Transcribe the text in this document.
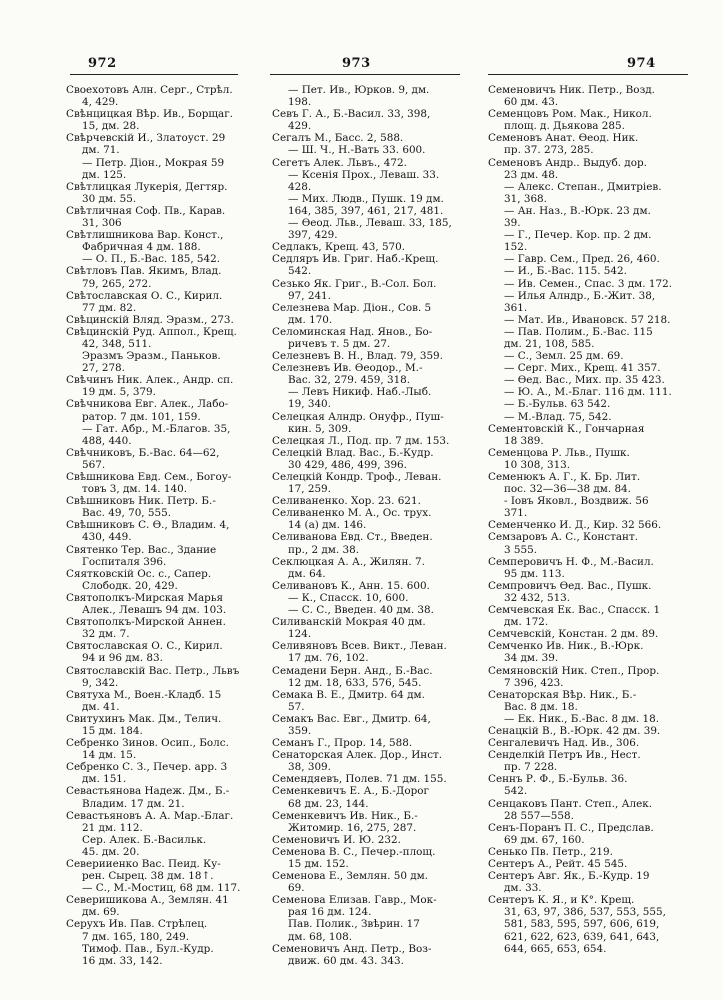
972	973	974
Своехотовъ Алн. Серг., Стрѣл.
4, 429.
Свѣнцицкая Вѣр. Ив., Борщаг.
15, дм. 28.
Свѣрчевскій И., Златоуст. 29
дм. 71.
— Петр. Діон., Мокрая 59
дм. 125.
Свѣтлицкая Лукерія, Дегтяр.
30 дм. 55.
Свѣтличная Соф. Пв., Карав.
31, 306
Свѣтлишникова Вар. Конст.,
Фабричная 4 дм. 188.
— О. П., Б.-Вас. 185, 542.
Свѣтловъ Пав. Якимъ, Влад.
79, 265, 272.
Свѣтославская О. С., Кирил.
77 дм. 82.
Свѣцинскій Вляд. Эразм., 273.
Свѣцинскій Руд. Аппол., Крещ.
42, 348, 511.
Эразмъ Эразм., Паньков.
27, 278.
Свѣчинъ Ник. Алек., Андр. сп.
19 дм. 5, 379.
Свѣчникова Евг. Алек., Лабо-
ратор. 7 дм. 101, 159.
— Гат. Абр., М.-Благов. 35,
488, 440.
Свѣчниковъ, Б.-Вас. 64—62,
567.
Свѣшникова Евд. Сем., Богоу-
товъ 3, дм. 14. 140.
Свѣшниковъ Ник. Петр. Б.-
Вас. 49, 70, 555.
Свѣшниковъ С. Ѳ., Владим. 4,
430, 449.
Святенко Тер. Вас., Здание
Госпиталя 396.
Сяятковскій Ос. с., Сапер.
Слободк. 20, 429.
Святополкъ-Мирская Марья
Алек., Левашъ 94 дм. 103.
Святополкъ-Мирской Аннен.
32 дм. 7.
Святославская О. С., Кирил.
94 и 96 дм. 83.
Святославскій Вас. Петр., Львъ
9, 342.
Святуха М., Воен.-Кладб. 15
дм. 41.
Свитухинъ Мак. Дм., Телич.
15 дм. 184.
Себренко Зинов. Осип., Болс.
14 дм. 15.
Себренко С. З., Печер. арр. 3
дм. 151.
Севастьянова Надеж. Дм., Б.-
Владим. 17 дм. 21.
Севастьяновъ А. А. Мар.-Благ.
21 дм. 112.
Сер. Алек. Б.-Васильк.
45. дм. 20.
Северииенко Вас. Пеид. Ку-
рен. Сырец. 38 дм. 18↑.
— С., М.-Мостиц, 68 дм. 117.
Северишикова А., Землян. 41
дм. 69.
Серухъ Ив. Пав. Стрѣлец.
7 дм. 165, 180, 249.
Тимоф. Пав., Бул.-Кудр.
16 дм. 33, 142.
— Пет. Ив., Юрков. 9, дм.
198.
Севъ Г. А., Б.-Васил. 33, 398,
429.
Сегалъ М., Басс. 2, 588.
— Ш. Ч., Н.-Вать 33. 600.
Сегетъ Алек. Львъ., 472.
— Ксенія Прох., Леваш. 33.
428.
— Мих. Людв., Пушк. 19 дм.
164, 385, 397, 461, 217, 481.
— Ѳеод. Льв., Леваш. 33, 185,
397, 429.
Седлакъ, Крещ. 43, 570.
Седляръ Ив. Григ. Наб.-Крещ.
542.
Сезько Як. Григ., В.-Сол. Бол.
97, 241.
Селезнева Мар. Діон., Сов. 5
дм. 170.
Селоминская Над. Янов., Бо-
ричевъ т. 5 дм. 27.
Селезневъ В. Н., Влад. 79, 359.
Селезневъ Ив. Ѳеодор., М.-
Вас. 32, 279. 459, 318.
— Левъ Никиф. Наб.-Лыб.
19, 340.
Селецкая Алндр. Онуфр., Пуш-
кин. 5, 309.
Селецкая Л., Под. пр. 7 дм. 153.
Селецкій Влад. Вас., Б.-Кудр.
30 429, 486, 499, 396.
Селецкій Кондр. Троф., Леван.
17, 259.
Селиваненко. Хор. 23. 621.
Селиваненко М. А., Ос. трух.
14 (а) дм. 146.
Селиванова Евд. Ст., Введен.
пр., 2 дм. 38.
Секлюцкая А. А., Жилян. 7.
дм. 64.
Селивановъ К., Анн. 15. 600.
— К., Спасск. 10, 600.
— С. С., Введен. 40 дм. 38.
Силиванскій Мокрая 40 дм.
124.
Селивяновъ Всев. Викт., Леван.
17 дм. 76, 102.
Семадени Берн. Анд., Б.-Вас.
12 дм. 18, 633, 576, 545.
Семака В. Е., Дмитр. 64 дм.
57.
Семакъ Вас. Евг., Дмитр. 64,
359.
Семанъ Г., Прор. 14, 588.
Сенаторская Алек. Дор., Инст.
38, 309.
Семендяевъ, Полев. 71 дм. 155.
Семенкевичъ Е. А., Б.-Дорог
68 дм. 23, 144.
Семенкевичъ Ив. Ник., Б.-
Житомир. 16, 275, 287.
Семеновичъ И. Ю. 232.
Семенова В. С., Печер.-площ.
15 дм. 152.
Семенова Е., Землян. 50 дм.
69.
Семенова Елизав. Гавр., Мок-
рая 16 дм. 124.
Пав. Полик., Звѣрин. 17
дм. 68, 108.
Семеновичъ Анд. Петр., Воз-
движ. 60 дм. 43. 343.
Семеновичъ Ник. Петр., Возд.
60 дм. 43.
Семенцовъ Ром. Мак., Никол.
площ. д. Дьякова 285.
Семеновъ Анат. Ѳеод. Ник.
пр. 37. 273, 285.
Семеновъ Андр.. Выдуб. дор.
23 дм. 48.
— Алекс. Степан., Дмитріев.
31, 368.
— Ан. Наз., В.-Юрк. 23 дм.
39.
— Г., Печер. Кор. пр. 2 дм.
152.
— Гавр. Сем., Пред. 26, 460.
— И., Б.-Вас. 115. 542.
— Ив. Семен., Спас. 3 дм. 172.
— Илья Алндр., Б.-Жит. 38,
361.
— Мат. Ив., Ивановск. 57 218.
— Пав. Полим., Б.-Вас. 115
дм. 21, 108, 585.
— С., Земл. 25 дм. 69.
— Серг. Мих., Крещ. 41 357.
— Ѳед. Вас., Мих. пр. 35 423.
— Ю. А., М.-Благ. 116 дм. 111.
— Б.-Бульв. 63 542.
— М.-Влад. 75, 542.
Сементовскій К., Гончарная
18 389.
Семенцова Р. Льв., Пушк.
10 308, 313.
Семенюкъ А. Г., К. Бр. Лит.
пос. 32—36—38 дм. 84.
- Іовъ Яковл., Воздвиж. 56
371.
Семенченко И. Д., Кир. 32 566.
Семзаровъ А. С., Констант.
3 555.
Семперовичъ Н. Ф., М.-Васил.
95 дм. 113.
Семпровичъ Ѳед. Вас., Пушк.
32 432, 513.
Семчевская Ек. Вас., Спасск. 1
дм. 172.
Семчевскій, Констан. 2 дм. 89.
Семченко Ив. Ник., В.-Юрк.
34 дм. 39.
Семяновскій Ник. Степ., Прор.
7 396, 423.
Сенаторская Вѣр. Ник., Б.-
Вас. 8 дм. 18.
— Ек. Ник., Б.-Вас. 8 дм. 18.
Сенацкій В., В.-Юрк. 42 дм. 39.
Сенгалевичъ Над. Ив., 306.
Сенделкій Петръ Ив., Нест.
пр. 7 228.
Сеннъ Р. Ф., Б.-Бульв. 36.
542.
Сенцаковъ Пант. Степ., Алек.
28 557—558.
Сенъ-Поранъ П. С., Предслав.
69 дм. 67, 160.
Сенько Пв. Петр., 219.
Сентеръ А., Рейт. 45 545.
Сентеръ Авг. Як., Б.-Кудр. 19
дм. 33.
Сентеръ К. Я., и К°. Крещ.
31, 63, 97, 386, 537, 553, 555,
581, 583, 595, 597, 606, 619,
621, 622, 623, 639, 641, 643,
644, 665, 653, 654.
